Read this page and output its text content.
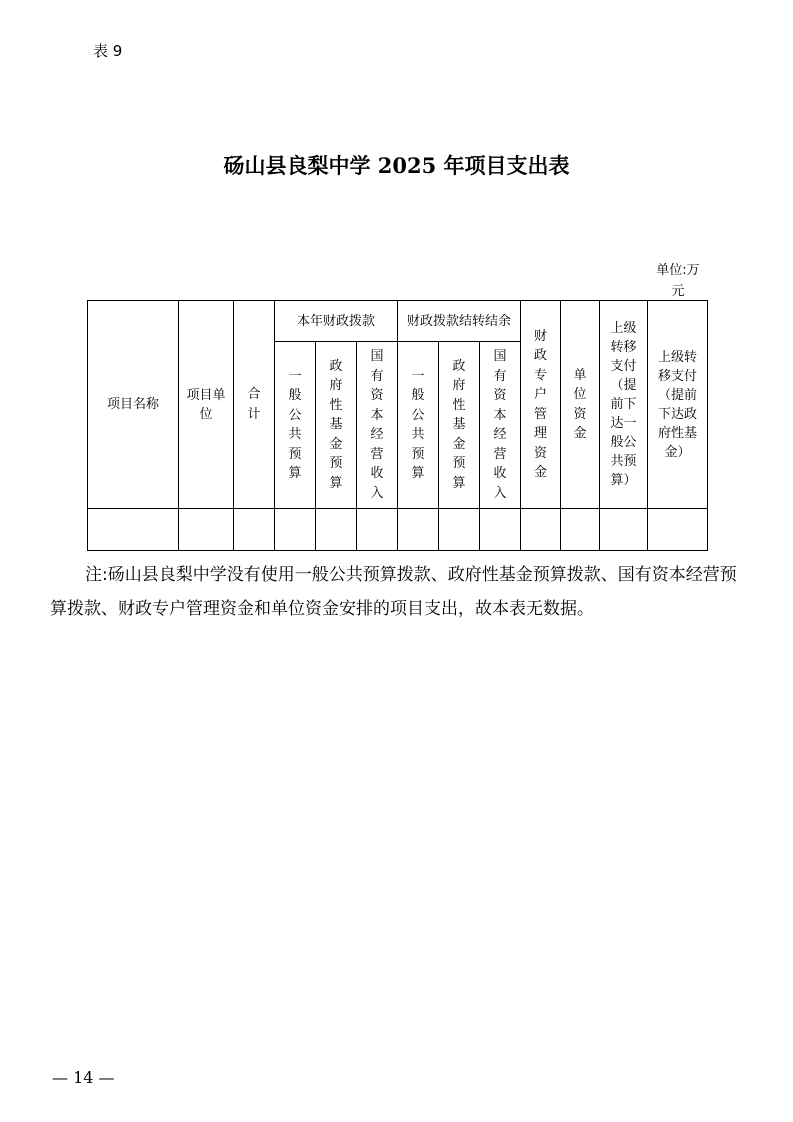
表 9
砀山县良梨中学 2025 年项目支出表
单位:万元
项目名称	项目单位	合计	本年财政拨款			财政拨款结转结余			财政专户管理资金	单位资金	上级转移支付（提前下达一般公共预算）	上级转移支付（提前下达政府性基金）
			一般公共预算	政府性基金预算	国有资本经营收入	一般公共预算	政府性基金预算	国有资本经营收入				

注:砀山县良梨中学没有使用一般公共预算拨款、政府性基金预算拨款、国有资本经营预算拨款、财政专户管理资金和单位资金安排的项目支出，故本表无数据。
— 14 —
